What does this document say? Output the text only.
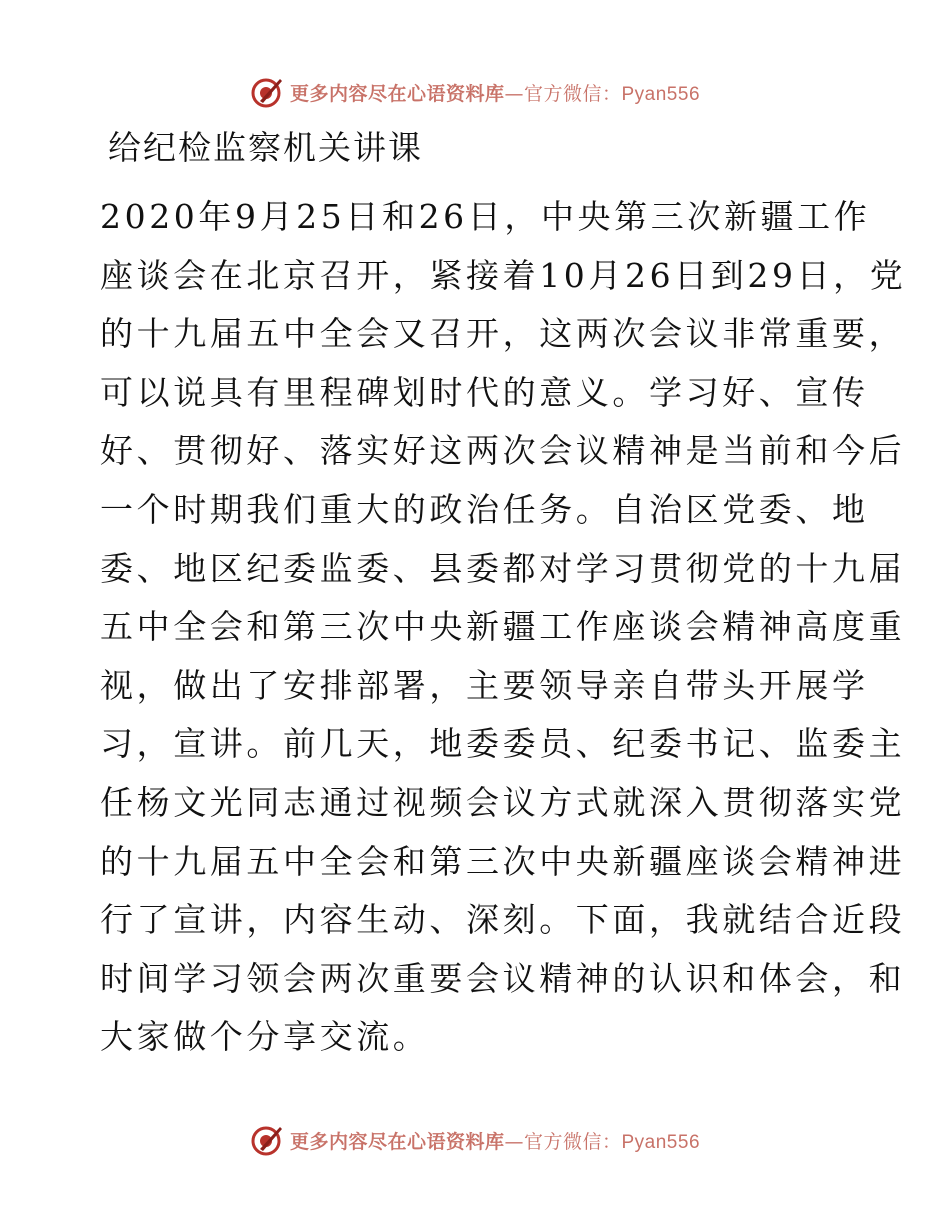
更多内容尽在心语资料库—官方微信：Pyan556
给纪检监察机关讲课
2020年9月25日和26日，中央第三次新疆工作
座谈会在北京召开，紧接着10月26日到29日，党
的十九届五中全会又召开，这两次会议非常重要，
可以说具有里程碑划时代的意义。学习好、宣传
好、贯彻好、落实好这两次会议精神是当前和今后
一个时期我们重大的政治任务。自治区党委、地
委、地区纪委监委、县委都对学习贯彻党的十九届
五中全会和第三次中央新疆工作座谈会精神高度重
视，做出了安排部署，主要领导亲自带头开展学
习，宣讲。前几天，地委委员、纪委书记、监委主
任杨文光同志通过视频会议方式就深入贯彻落实党
的十九届五中全会和第三次中央新疆座谈会精神进
行了宣讲，内容生动、深刻。下面，我就结合近段
时间学习领会两次重要会议精神的认识和体会，和
大家做个分享交流。
更多内容尽在心语资料库—官方微信：Pyan556
